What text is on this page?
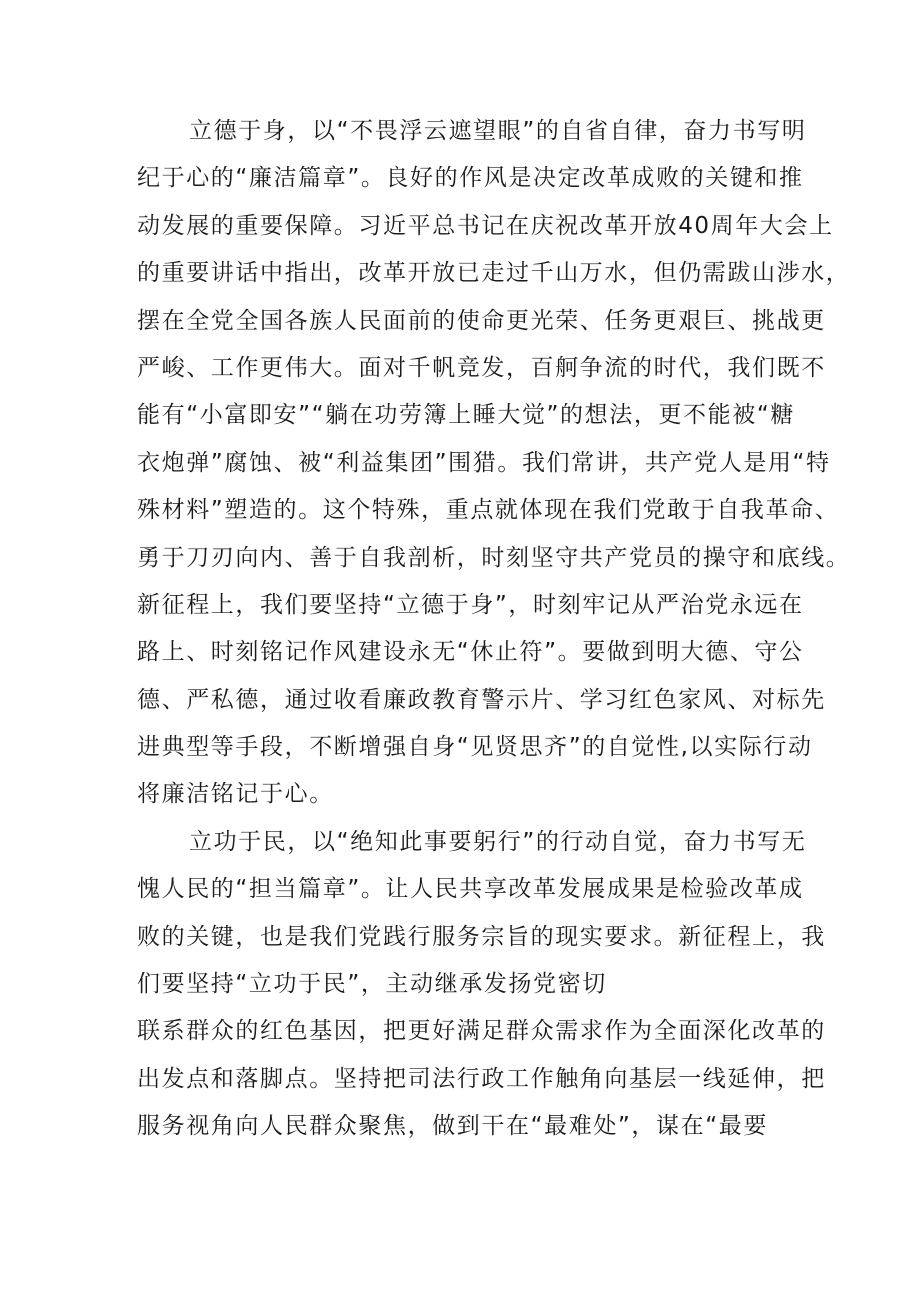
立德于身，以“不畏浮云遮望眼”的自省自律，奋力书写明
纪于心的“廉洁篇章”。良好的作风是决定改革成败的关键和推
动发展的重要保障。习近平总书记在庆祝改革开放40周年大会上
的重要讲话中指出，改革开放已走过千山万水，但仍需跋山涉水，
摆在全党全国各族人民面前的使命更光荣、任务更艰巨、挑战更
严峻、工作更伟大。面对千帆竞发，百舸争流的时代，我们既不
能有“小富即安”“躺在功劳簿上睡大觉”的想法，更不能被“糖
衣炮弹”腐蚀、被“利益集团”围猎。我们常讲，共产党人是用“特
殊材料”塑造的。这个特殊，重点就体现在我们党敢于自我革命、
勇于刀刃向内、善于自我剖析，时刻坚守共产党员的操守和底线。
新征程上，我们要坚持“立德于身”，时刻牢记从严治党永远在
路上、时刻铭记作风建设永无“休止符”。要做到明大德、守公
德、严私德，通过收看廉政教育警示片、学习红色家风、对标先
进典型等手段，不断增强自身“见贤思齐”的自觉性,以实际行动
将廉洁铭记于心。
立功于民，以“绝知此事要躬行”的行动自觉，奋力书写无
愧人民的“担当篇章”。让人民共享改革发展成果是检验改革成
败的关键，也是我们党践行服务宗旨的现实要求。新征程上，我
们要坚持“立功于民”，主动继承发扬党密切
联系群众的红色基因，把更好满足群众需求作为全面深化改革的
出发点和落脚点。坚持把司法行政工作触角向基层一线延伸，把
服务视角向人民群众聚焦，做到干在“最难处”，谋在“最要
